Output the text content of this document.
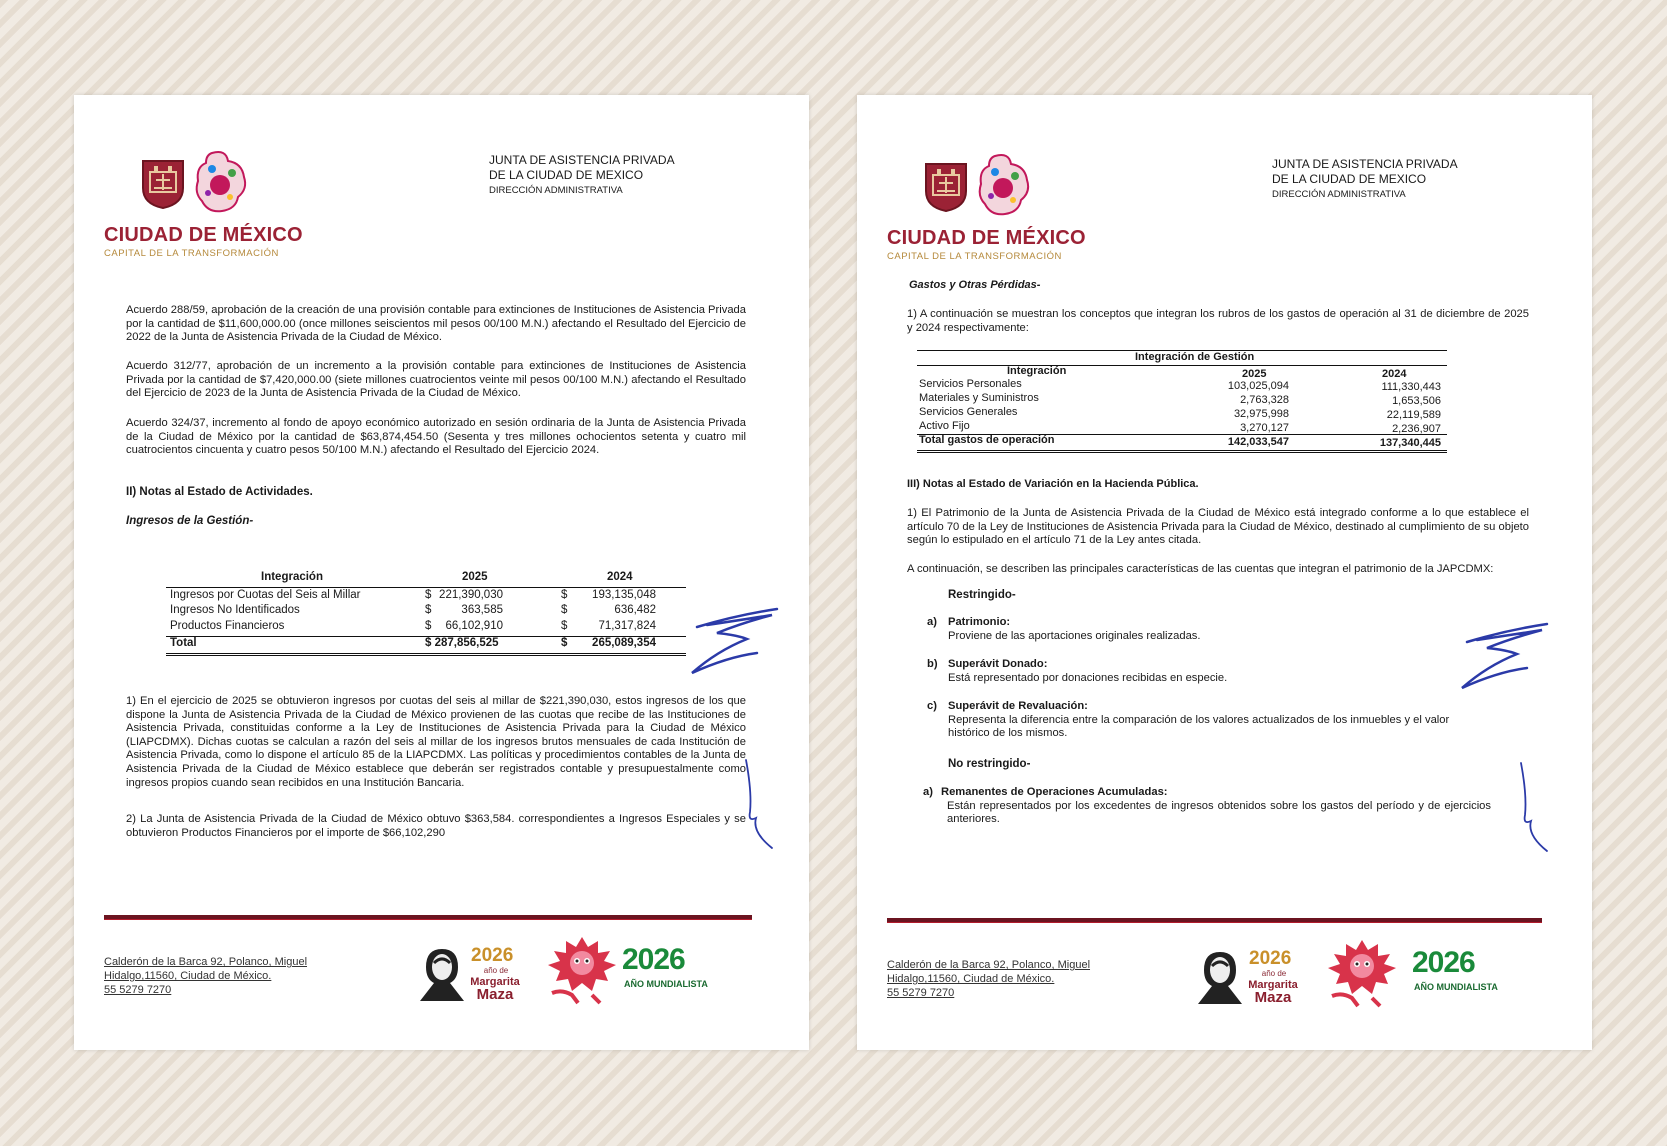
CIUDAD DE MÉXICO
CAPITAL DE LA TRANSFORMACIÓN
JUNTA DE ASISTENCIA PRIVADA
DE LA CIUDAD DE MEXICO
DIRECCIÓN ADMINISTRATIVA
Acuerdo 288/59, aprobación de la creación de una provisión contable para extinciones de Instituciones de Asistencia Privada por la cantidad de $11,600,000.00 (once millones seiscientos mil pesos 00/100 M.N.) afectando el Resultado del Ejercicio de 2022 de la Junta de Asistencia Privada de la Ciudad de México.
Acuerdo 312/77, aprobación de un incremento a la provisión contable para extinciones de Instituciones de Asistencia Privada por la cantidad de $7,420,000.00 (siete millones cuatrocientos veinte mil pesos 00/100 M.N.) afectando el Resultado del Ejercicio de 2023 de la Junta de Asistencia Privada de la Ciudad de México.
Acuerdo 324/37, incremento al fondo de apoyo económico autorizado en sesión ordinaria de la Junta de Asistencia Privada de la Ciudad de México por la cantidad de $63,874,454.50 (Sesenta y tres millones ochocientos setenta y cuatro mil cuatrocientos cincuenta y cuatro pesos 50/100 M.N.) afectando el Resultado del Ejercicio 2024.
II) Notas al Estado de Actividades.
Ingresos de la Gestión-
Integración	2025	2024
Ingresos por Cuotas del Seis al Millar	$ 221,390,030	$ 193,135,048
Ingresos No Identificados	$	363,585	$	636,482
Productos Financieros	$ 66,102,910	$	71,317,824
Total	$ 287,856,525	$ 265,089,354
1) En el ejercicio de 2025 se obtuvieron ingresos por cuotas del seis al millar de $221,390,030, estos ingresos de los que dispone la Junta de Asistencia Privada de la Ciudad de México provienen de las cuotas que recibe de las Instituciones de Asistencia Privada, constituidas conforme a la Ley de Instituciones de Asistencia Privada para la Ciudad de México (LIAPCDMX). Dichas cuotas se calculan a razón del seis al millar de los ingresos brutos mensuales de cada Institución de Asistencia Privada, como lo dispone el artículo 85 de la LIAPCDMX. Las políticas y procedimientos contables de la Junta de Asistencia Privada de la Ciudad de México establece que deberán ser registrados contable y presupuestalmente como ingresos propios cuando sean recibidos en una Institución Bancaria.
2) La Junta de Asistencia Privada de la Ciudad de México obtuvo $363,584. correspondientes a Ingresos Especiales y se obtuvieron Productos Financieros por el importe de $66,102,290
Calderón de la Barca 92, Polanco, Miguel
Hidalgo,11560, Ciudad de México.
55 5279 7270
2026
año de
Margarita
Maza
2026
AÑO MUNDIALISTA
CIUDAD DE MÉXICO
CAPITAL DE LA TRANSFORMACIÓN
JUNTA DE ASISTENCIA PRIVADA
DE LA CIUDAD DE MEXICO
DIRECCIÓN ADMINISTRATIVA
Gastos y Otras Pérdidas-
1) A continuación se muestran los conceptos que integran los rubros de los gastos de operación al 31 de diciembre de 2025 y 2024 respectivamente:
Integración de Gestión
Integración	2025	2024
Servicios Personales	103,025,094	111,330,443
Materiales y Suministros	2,763,328	1,653,506
Servicios Generales	32,975,998	22,119,589
Activo Fijo	3,270,127	2,236,907
Total gastos de operación	142,033,547	137,340,445
III) Notas al Estado de Variación en la Hacienda Pública.
1) El Patrimonio de la Junta de Asistencia Privada de la Ciudad de México está integrado conforme a lo que establece el artículo 70 de la Ley de Instituciones de Asistencia Privada para la Ciudad de México, destinado al cumplimiento de su objeto según lo estipulado en el artículo 71 de la Ley antes citada.
A continuación, se describen las principales características de las cuentas que integran el patrimonio de la JAPCDMX:
Restringido-
a) Patrimonio:
Proviene de las aportaciones originales realizadas.
b) Superávit Donado:
Está representado por donaciones recibidas en especie.
c) Superávit de Revaluación:
Representa la diferencia entre la comparación de los valores actualizados de los inmuebles y el valor histórico de los mismos.
No restringido-
a) Remanentes de Operaciones Acumuladas:
Están representados por los excedentes de ingresos obtenidos sobre los gastos del período y de ejercicios anteriores.
Calderón de la Barca 92, Polanco, Miguel
Hidalgo,11560, Ciudad de México.
55 5279 7270
2026
año de
Margarita
Maza
2026
AÑO MUNDIALISTA
